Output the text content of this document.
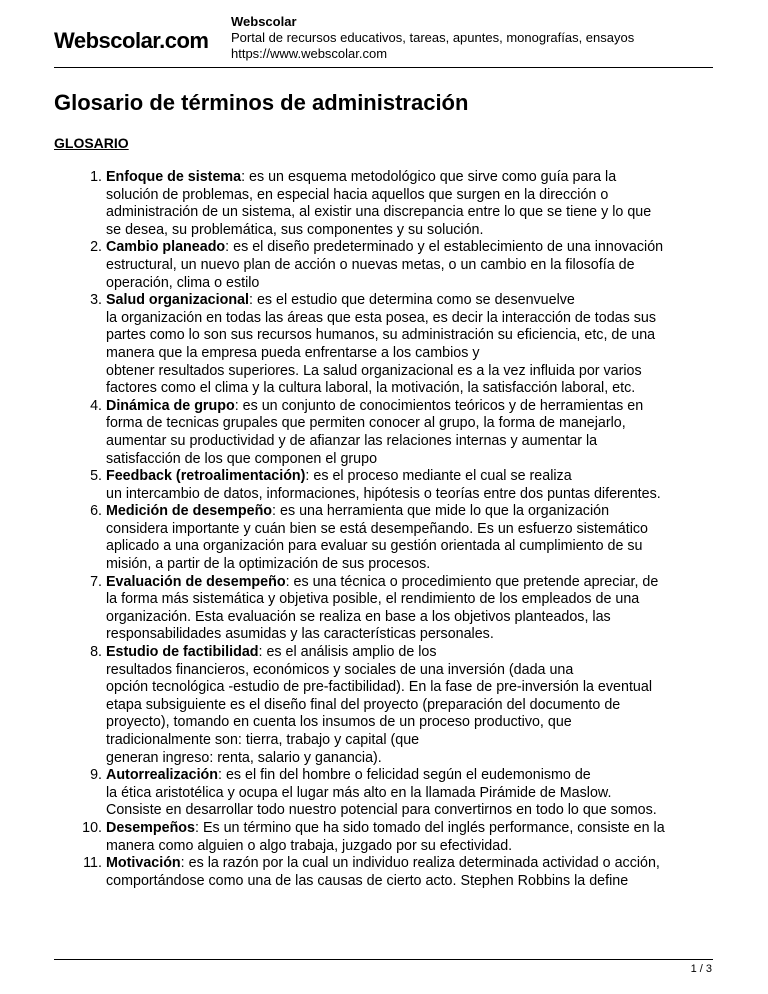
Webscolar.com
Webscolar
Portal de recursos educativos, tareas, apuntes, monografías, ensayos
https://www.webscolar.com
Glosario de términos de administración
GLOSARIO
1. Enfoque de sistema: es un esquema metodológico que sirve como guía para la
solución de problemas, en especial hacia aquellos que surgen en la dirección o
administración de un sistema, al existir una discrepancia entre lo que se tiene y lo que
se desea, su problemática, sus componentes y su solución.
2. Cambio planeado: es el diseño predeterminado y el establecimiento de una innovación
estructural, un nuevo plan de acción o nuevas metas, o un cambio en la filosofía de
operación, clima o estilo
3. Salud organizacional: es el estudio que determina como se desenvuelve
la organización en todas las áreas que esta posea, es decir la interacción de todas sus
partes como lo son sus recursos humanos, su administración su eficiencia, etc, de una
manera que la empresa pueda enfrentarse a los cambios y
obtener resultados superiores. La salud organizacional es a la vez influida por varios
factores como el clima y la cultura laboral, la motivación, la satisfacción laboral, etc.
4. Dinámica de grupo: es un conjunto de conocimientos teóricos y de herramientas en
forma de tecnicas grupales que permiten conocer al grupo, la forma de manejarlo,
aumentar su productividad y de afianzar las relaciones internas y aumentar la
satisfacción de los que componen el grupo
5. Feedback (retroalimentación): es el proceso mediante el cual se realiza
un intercambio de datos, informaciones, hipótesis o teorías entre dos puntas diferentes.
6. Medición de desempeño: es una herramienta que mide lo que la organización
considera importante y cuán bien se está desempeñando. Es un esfuerzo sistemático
aplicado a una organización para evaluar su gestión orientada al cumplimiento de su
misión, a partir de la optimización de sus procesos.
7. Evaluación de desempeño: es una técnica o procedimiento que pretende apreciar, de
la forma más sistemática y objetiva posible, el rendimiento de los empleados de una
organización. Esta evaluación se realiza en base a los objetivos planteados, las
responsabilidades asumidas y las características personales.
8. Estudio de factibilidad: es el análisis amplio de los
resultados financieros, económicos y sociales de una inversión (dada una
opción tecnológica -estudio de pre-factibilidad). En la fase de pre-inversión la eventual
etapa subsiguiente es el diseño final del proyecto (preparación del documento de
proyecto), tomando en cuenta los insumos de un proceso productivo, que
tradicionalmente son: tierra, trabajo y capital (que
generan ingreso: renta, salario y ganancia).
9. Autorrealización: es el fin del hombre o felicidad según el eudemonismo de
la ética aristotélica y ocupa el lugar más alto en la llamada Pirámide de Maslow.
Consiste en desarrollar todo nuestro potencial para convertirnos en todo lo que somos.
10. Desempeños: Es un término que ha sido tomado del inglés performance, consiste en la
manera como alguien o algo trabaja, juzgado por su efectividad.
11. Motivación: es la razón por la cual un individuo realiza determinada actividad o acción,
comportándose como una de las causas de cierto acto. Stephen Robbins la define
1 / 3
